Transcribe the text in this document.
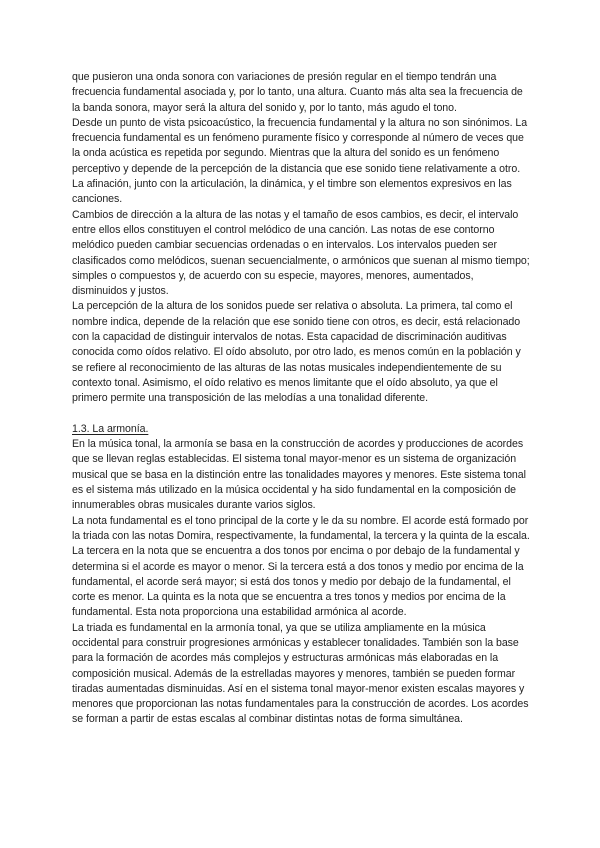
que pusieron una onda sonora con variaciones de presión regular en el tiempo tendrán una frecuencia fundamental asociada y, por lo tanto, una altura. Cuanto más alta sea la frecuencia de la banda sonora, mayor será la altura del sonido y, por lo tanto, más agudo el tono.

Desde un punto de vista psicoacústico, la frecuencia fundamental y la altura no son sinónimos. La frecuencia fundamental es un fenómeno puramente físico y corresponde al número de veces que la onda acústica es repetida por segundo. Mientras que la altura del sonido es un fenómeno perceptivo y depende de la percepción de la distancia que ese sonido tiene relativamente a otro. La afinación, junto con la articulación, la dinámica, y el timbre son elementos expresivos en las canciones.

Cambios de dirección a la altura de las notas y el tamaño de esos cambios, es decir, el intervalo entre ellos ellos constituyen el control melódico de una canción. Las notas de ese contorno melódico pueden cambiar secuencias ordenadas o en intervalos. Los intervalos pueden ser clasificados como melódicos, suenan secuencialmente, o armónicos que suenan al mismo tiempo; simples o compuestos y, de acuerdo con su especie, mayores, menores, aumentados, disminuidos y justos.

La percepción de la altura de los sonidos puede ser relativa o absoluta. La primera, tal como el nombre indica, depende de la relación que ese sonido tiene con otros, es decir, está relacionado con la capacidad de distinguir intervalos de notas. Esta capacidad de discriminación auditivas conocida como oídos relativo. El oído absoluto, por otro lado, es menos común en la población y se refiere al reconocimiento de las alturas de las notas musicales independientemente de su contexto tonal. Asimismo, el oído relativo es menos limitante que el oído absoluto, ya que el primero permite una transposición de las melodías a una tonalidad diferente.

1.3. La armonía.

En la música tonal, la armonía se basa en la construcción de acordes y producciones de acordes que se llevan reglas establecidas. El sistema tonal mayor-menor es un sistema de organización musical que se basa en la distinción entre las tonalidades mayores y menores. Este sistema tonal es el sistema más utilizado en la música occidental y ha sido fundamental en la composición de innumerables obras musicales durante varios siglos.

La nota fundamental es el tono principal de la corte y le da su nombre. El acorde está formado por la triada con las notas Domira, respectivamente, la fundamental, la tercera y la quinta de la escala. La tercera en la nota que se encuentra a dos tonos por encima o por debajo de la fundamental y determina si el acorde es mayor o menor. Si la tercera está a dos tonos y medio por encima de la fundamental, el acorde será mayor; si está dos tonos y medio por debajo de la fundamental, el corte es menor. La quinta es la nota que se encuentra a tres tonos y medios por encima de la fundamental. Esta nota proporciona una estabilidad armónica al acorde.

La triada es fundamental en la armonía tonal, ya que se utiliza ampliamente en la música occidental para construir progresiones armónicas y establecer tonalidades. También son la base para la formación de acordes más complejos y estructuras armónicas más elaboradas en la composición musical. Además de la estrelladas mayores y menores, también se pueden formar tiradas aumentadas disminuidas. Así en el sistema tonal mayor-menor existen escalas mayores y menores que proporcionan las notas fundamentales para la construcción de acordes. Los acordes se forman a partir de estas escalas al combinar distintas notas de forma simultánea.
